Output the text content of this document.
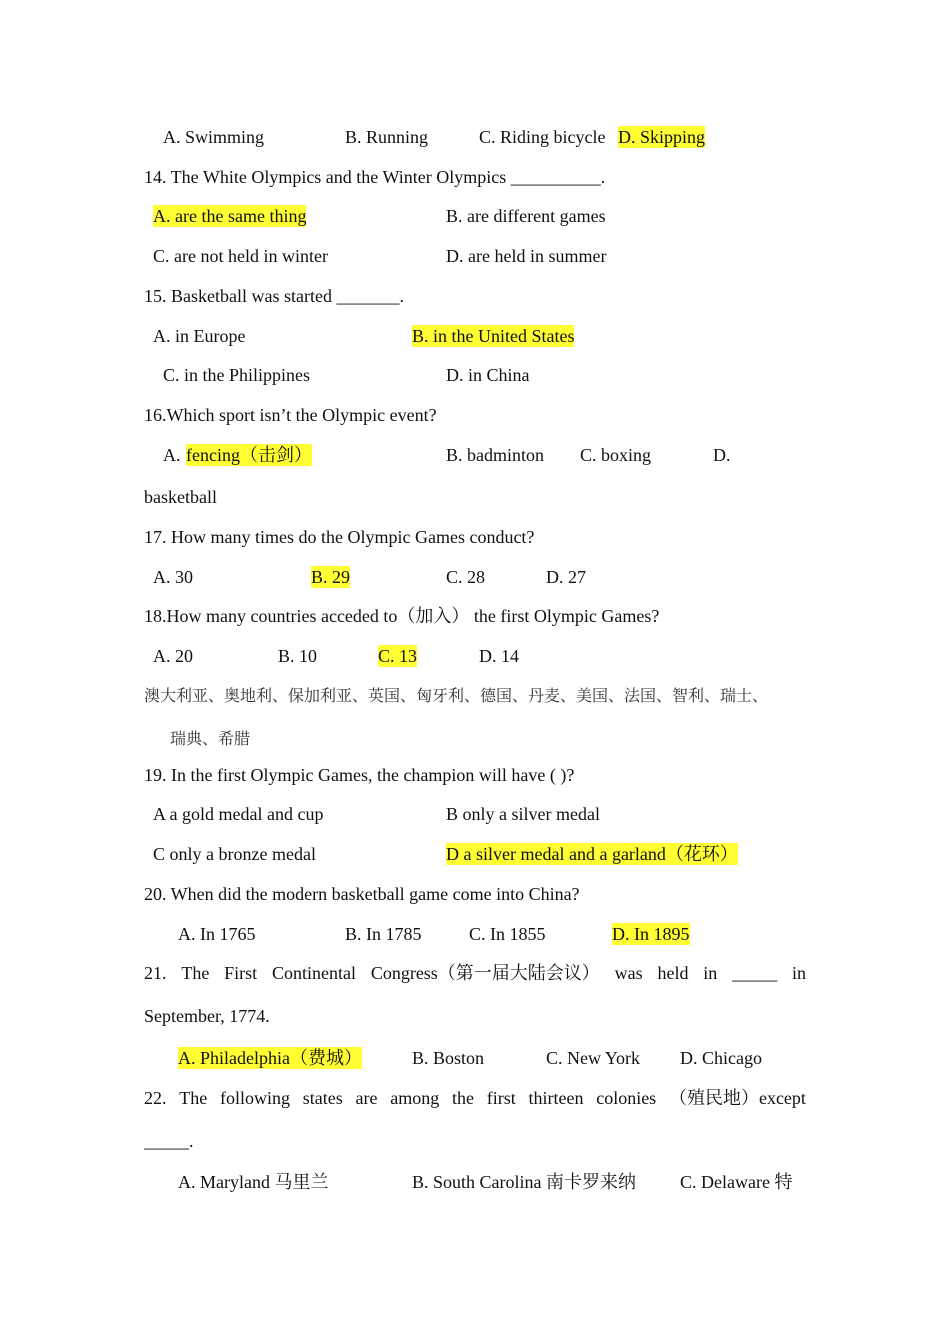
A. Swimming	B. Running	C. Riding bicycle D. Skipping
14. The White Olympics and the Winter Olympics __________.
A. are the same thing	B. are different games
C. are not held in winter	D. are held in summer
15. Basketball was started _______.
A. in Europe	B. in the United States
C. in the Philippines	D. in China
16.Which sport isn’t the Olympic event?
A. fencing（击剑）	B. badminton C. boxing	D.
basketball
17. How many times do the Olympic Games conduct?
A. 30	B. 29	C. 28	D. 27
18.How many countries acceded to（加入） the first Olympic Games?
A. 20	B. 10	C. 13	D. 14
澳大利亚、奥地利、保加利亚、英国、匈牙利、德国、丹麦、美国、法国、智利、瑞士、
瑞典、希腊
19. In the first Olympic Games, the champion will have ( )?
A a gold medal and cup	B only a silver medal
C only a bronze medal	D a silver medal and a garland（花环）
20. When did the modern basketball game come into China?
A. In 1765	B. In 1785	C. In 1855	D. In 1895
21. The First Continental Congress（第一届大陆会议） was held in _____ in
September, 1774.
A. Philadelphia（费城）	B. Boston	C. New York D. Chicago
22. The following states are among the first thirteen colonies （殖民地）except
_____.
A. Maryland 马里兰	B. South Carolina 南卡罗来纳 C. Delaware 特
